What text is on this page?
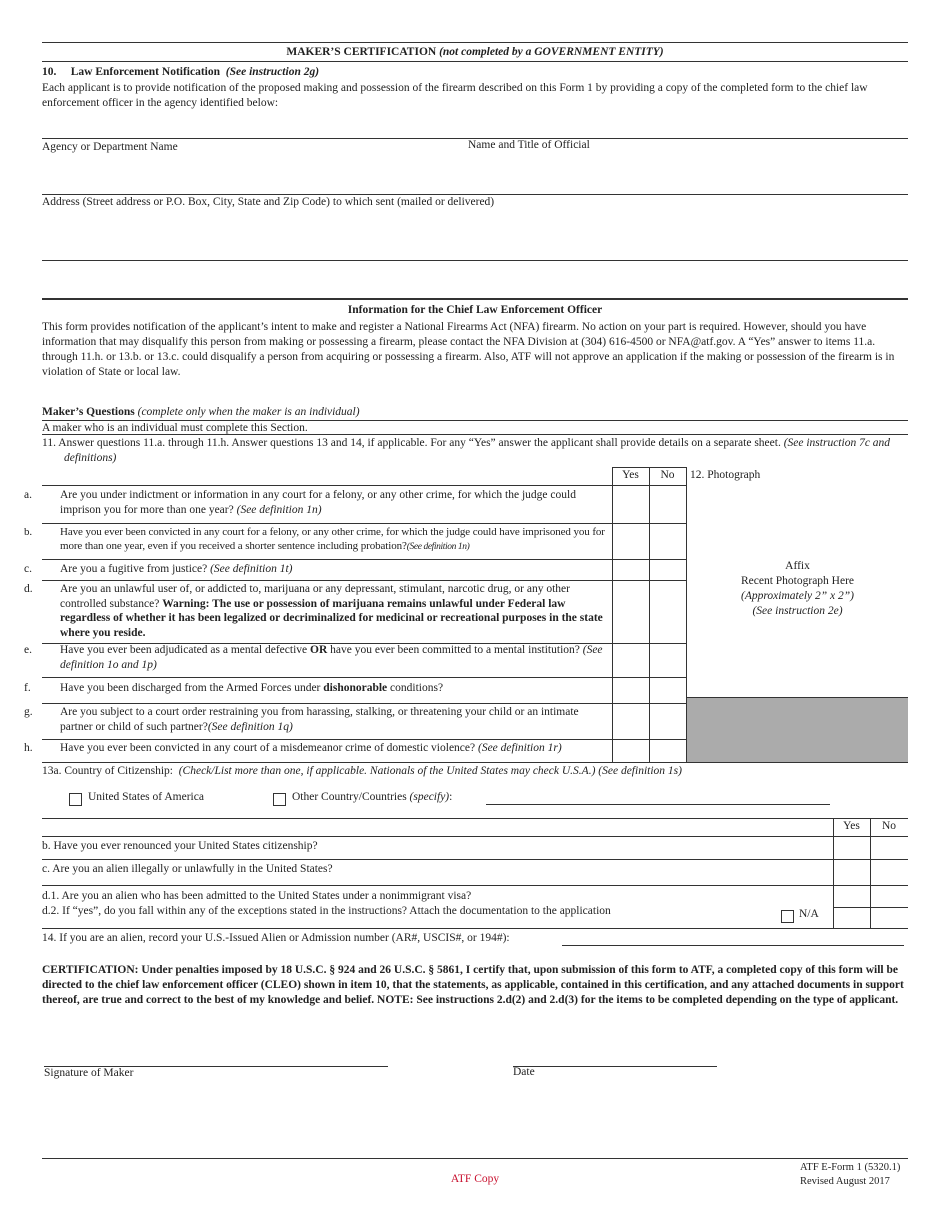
MAKER’S CERTIFICATION (not completed by a GOVERNMENT ENTITY)
10. Law Enforcement Notification (See instruction 2g)
Each applicant is to provide notification of the proposed making and possession of the firearm described on this Form 1 by providing a copy of the completed form to the chief law enforcement officer in the agency identified below:
Agency or Department Name	Name and Title of Official
Address (Street address or P.O. Box, City, State and Zip Code) to which sent (mailed or delivered)
Information for the Chief Law Enforcement Officer
This form provides notification of the applicant’s intent to make and register a National Firearms Act (NFA) firearm. No action on your part is required. However, should you have information that may disqualify this person from making or possessing a firearm, please contact the NFA Division at (304) 616-4500 or NFA@atf.gov. A “Yes” answer to items 11.a. through 11.h. or 13.b. or 13.c. could disqualify a person from acquiring or possessing a firearm. Also, ATF will not approve an application if the making or possession of the firearm is in violation of State or local law.
Maker’s Questions (complete only when the maker is an individual)
A maker who is an individual must complete this Section.
11. Answer questions 11.a. through 11.h. Answer questions 13 and 14, if applicable. For any “Yes” answer the applicant shall provide details on a separate sheet. (See instruction 7c and definitions)
Yes	No
a. Are you under indictment or information in any court for a felony, or any other crime, for which the judge could imprison you for more than one year? (See definition 1n)
b.	Have you ever been convicted in any court for a felony, or any other crime, for which the judge could have imprisoned you for more than one year, even if you received a shorter sentence including probation?(See definition 1n)
c. Are you a fugitive from justice? (See definition 1t)
d. Are you an unlawful user of, or addicted to, marijuana or any depressant, stimulant, narcotic drug, or any other controlled substance? Warning: The use or possession of marijuana remains unlawful under Federal law regardless of whether it has been legalized or decriminalized for medicinal or recreational purposes in the state where you reside.
e. Have you ever been adjudicated as a mental defective OR have you ever been committed to a mental institution? (See definition 1o and 1p)
f.	Have you been discharged from the Armed Forces under dishonorable conditions?
g. Are you subject to a court order restraining you from harassing, stalking, or threatening your child or an intimate partner or child of such partner?(See definition 1q)
h. Have you ever been convicted in any court of a misdemeanor crime of domestic violence? (See definition 1r)
12. Photograph
Affix
Recent Photograph Here
(Approximately 2” x 2”)
(See instruction 2e)
13a. Country of Citizenship: (Check/List more than one, if applicable. Nationals of the United States may check U.S.A.) (See definition 1s)
United States of America	Other Country/Countries (specify):
Yes	No
b. Have you ever renounced your United States citizenship?
c. Are you an alien illegally or unlawfully in the United States?
d.1. Are you an alien who has been admitted to the United States under a nonimmigrant visa?
d.2. If “yes”, do you fall within any of the exceptions stated in the instructions? Attach the documentation to the application	N/A
14. If you are an alien, record your U.S.-Issued Alien or Admission number (AR#, USCIS#, or 194#):
CERTIFICATION: Under penalties imposed by 18 U.S.C. § 924 and 26 U.S.C. § 5861, I certify that, upon submission of this form to ATF, a completed copy of this form will be directed to the chief law enforcement officer (CLEO) shown in item 10, that the statements, as applicable, contained in this certification, and any attached documents in support thereof, are true and correct to the best of my knowledge and belief. NOTE: See instructions 2.d(2) and 2.d(3) for the items to be completed depending on the type of applicant.
Signature of Maker	Date
ATF Copy
ATF E-Form 1 (5320.1)
Revised August 2017
